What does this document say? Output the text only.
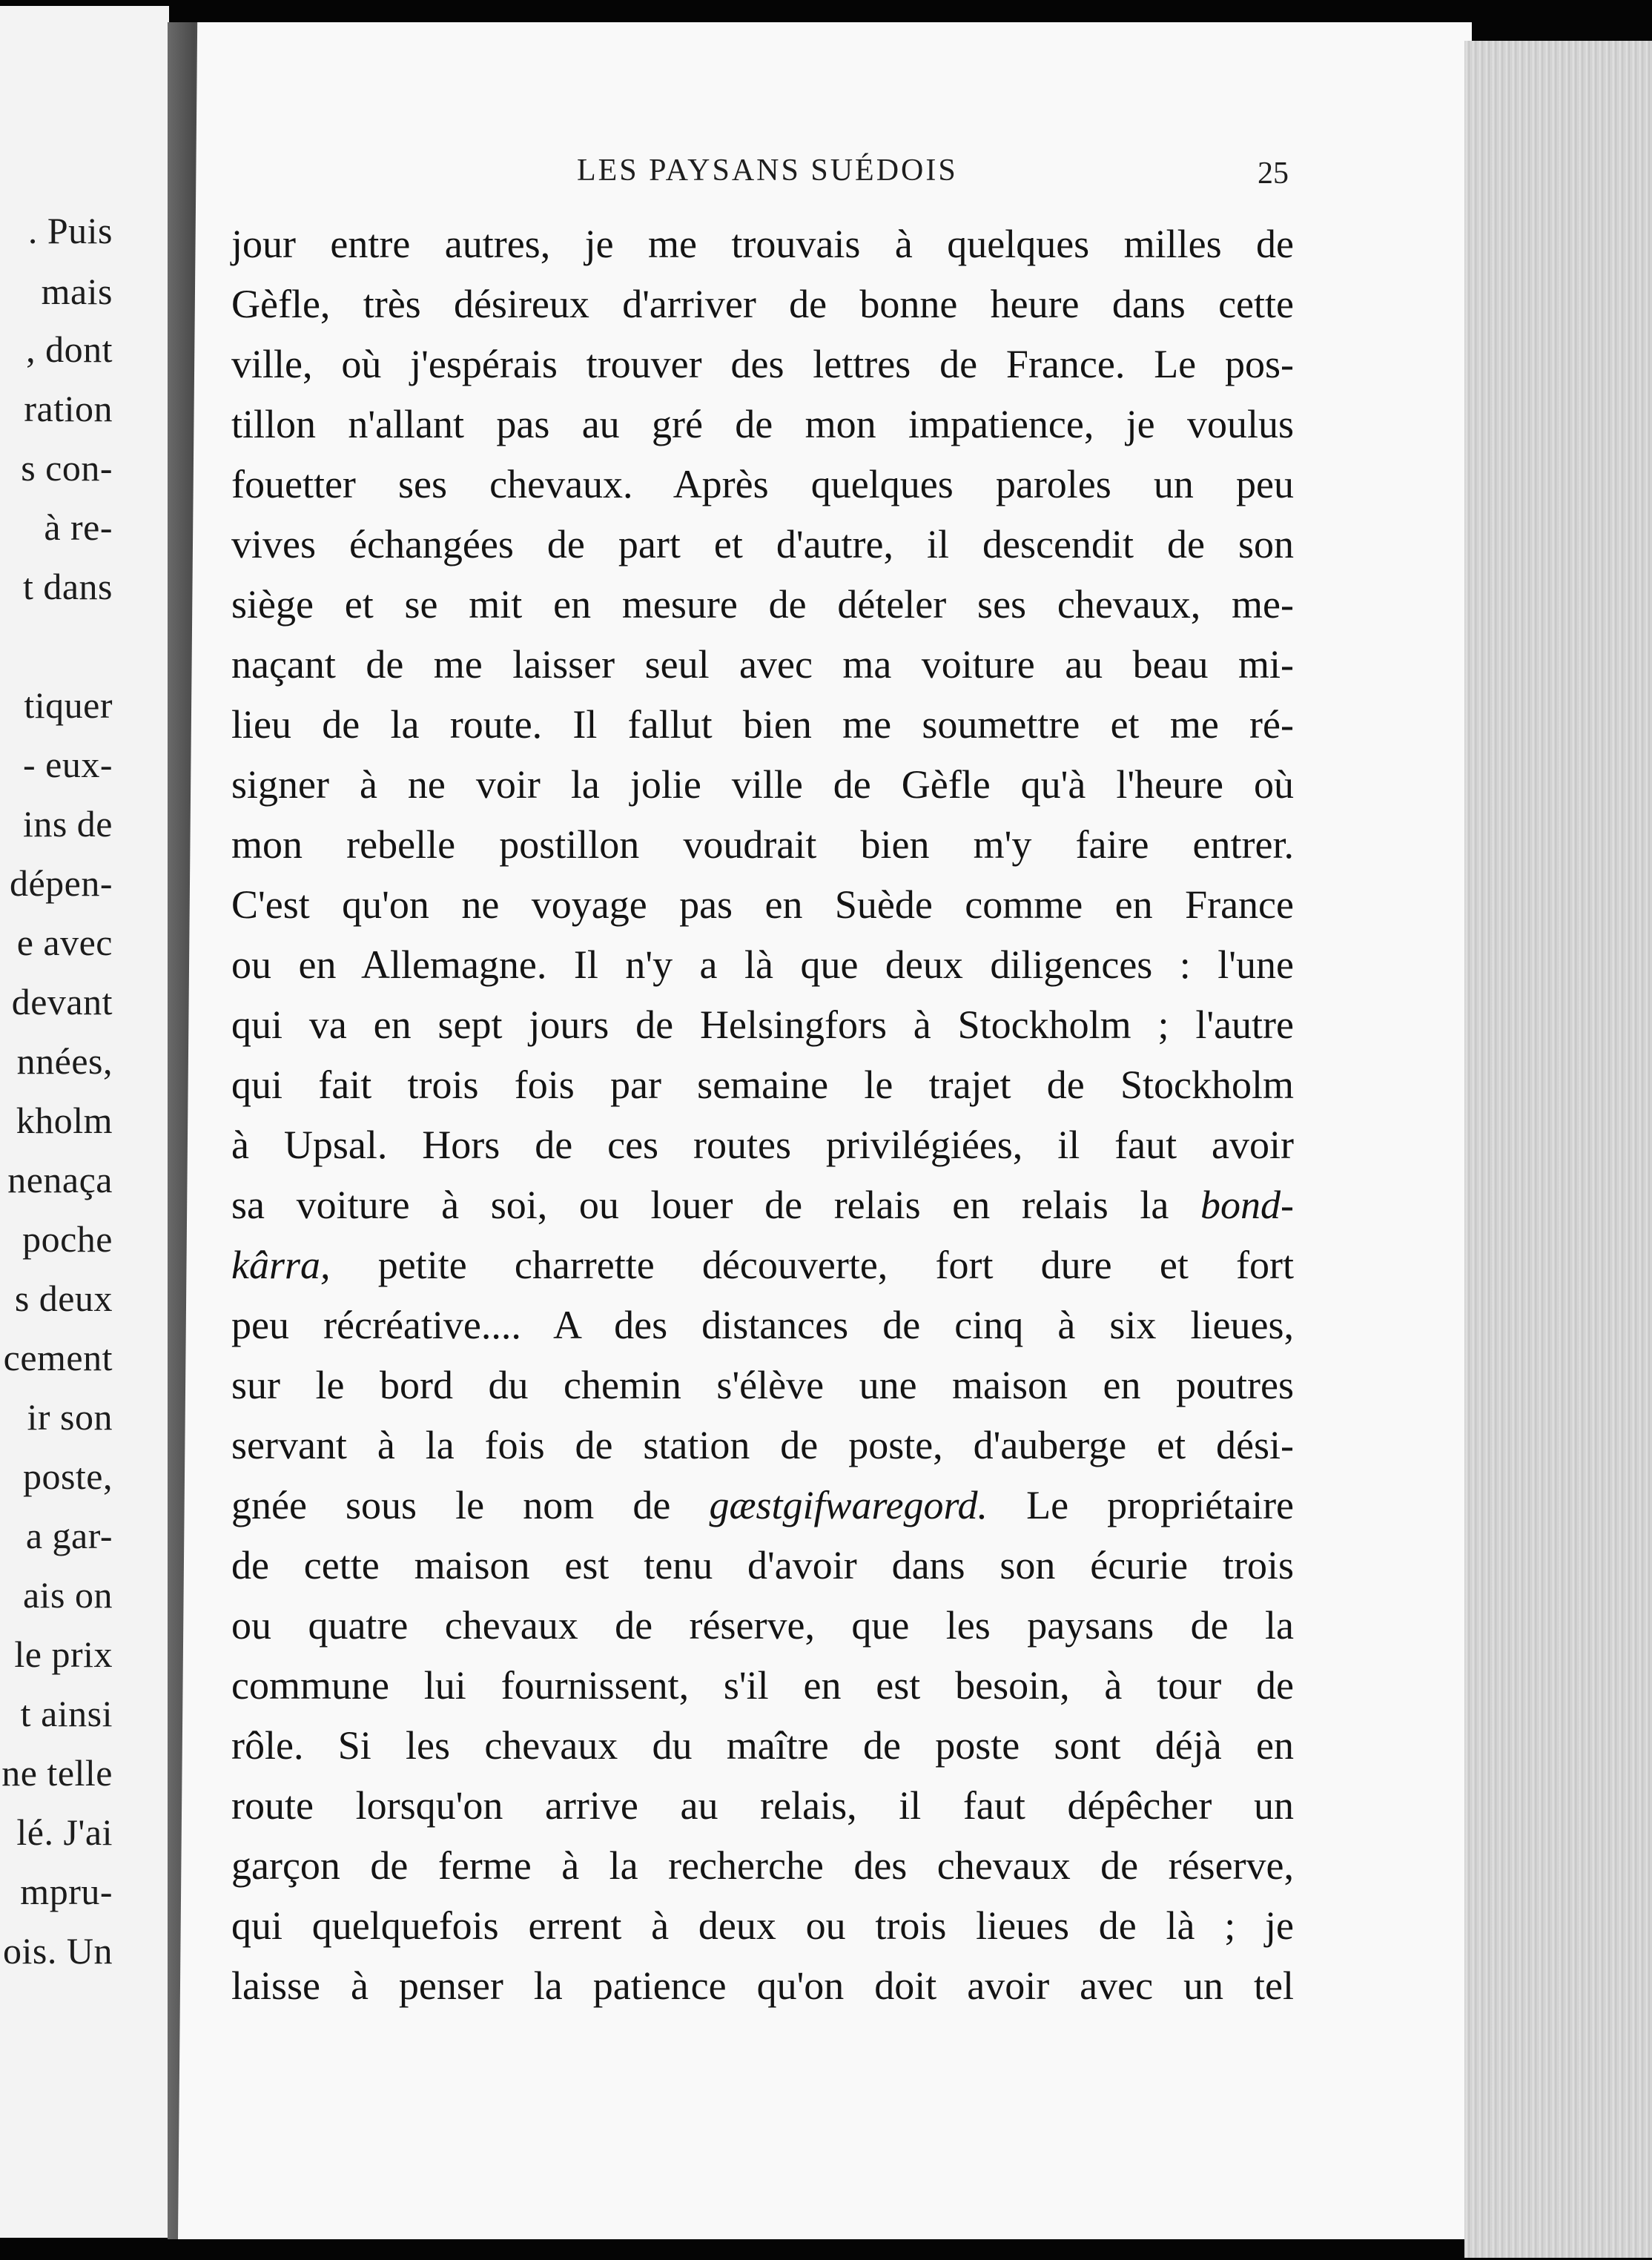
. Puis
mais
, dont
ration
s con-
à re-
t dans
tiquer
- eux-
ins de
dépen-
e avec
devant
nnées,
kholm
nenaça
poche
s deux
cement
ir son
poste,
a gar-
ais on
le prix
t ainsi
ne telle
lé. J'ai
mpru-
ois. Un
LES PAYSANS SUÉDOIS	25
jour entre autres, je me trouvais à quelques milles de
Gèfle, très désireux d'arriver de bonne heure dans cette
ville, où j'espérais trouver des lettres de France. Le pos-
tillon n'allant pas au gré de mon impatience, je voulus
fouetter ses chevaux. Après quelques paroles un peu
vives échangées de part et d'autre, il descendit de son
siège et se mit en mesure de dételer ses chevaux, me-
naçant de me laisser seul avec ma voiture au beau mi-
lieu de la route. Il fallut bien me soumettre et me ré-
signer à ne voir la jolie ville de Gèfle qu'à l'heure où
mon rebelle postillon voudrait bien m'y faire entrer.
C'est qu'on ne voyage pas en Suède comme en France
ou en Allemagne. Il n'y a là que deux diligences : l'une
qui va en sept jours de Helsingfors à Stockholm ; l'autre
qui fait trois fois par semaine le trajet de Stockholm
à Upsal. Hors de ces routes privilégiées, il faut avoir
sa voiture à soi, ou louer de relais en relais la bond-
kârra, petite charrette découverte, fort dure et fort
peu récréative.... A des distances de cinq à six lieues,
sur le bord du chemin s'élève une maison en poutres
servant à la fois de station de poste, d'auberge et dési-
gnée sous le nom de gæstgifwaregord. Le propriétaire
de cette maison est tenu d'avoir dans son écurie trois
ou quatre chevaux de réserve, que les paysans de la
commune lui fournissent, s'il en est besoin, à tour de
rôle. Si les chevaux du maître de poste sont déjà en
route lorsqu'on arrive au relais, il faut dépêcher un
garçon de ferme à la recherche des chevaux de réserve,
qui quelquefois errent à deux ou trois lieues de là ; je
laisse à penser la patience qu'on doit avoir avec un tel
